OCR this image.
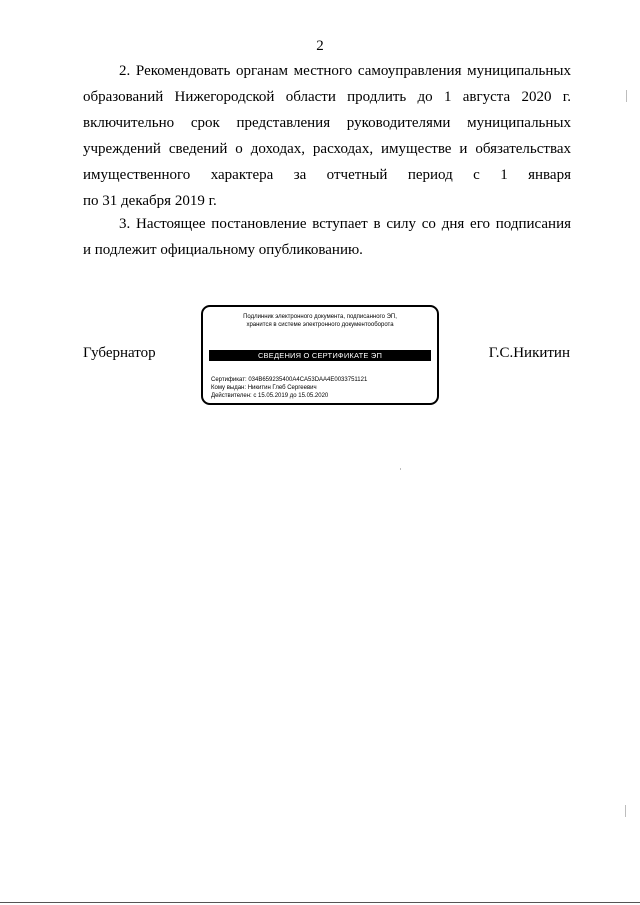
2
2. Рекомендовать органам местного самоуправления муниципальных
образований Нижегородской области продлить до 1 августа 2020 г.
включительно срок представления руководителями муниципальных
учреждений сведений о доходах, расходах, имуществе и обязательствах
имущественного характера за отчетный период с 1 января
по 31 декабря 2019 г.
3. Настоящее постановление вступает в силу со дня его подписания
и подлежит официальному опубликованию.
Губернатор
Подлинник электронного документа, подписанного ЭП,
хранится в системе электронного документооборота
СВЕДЕНИЯ О СЕРТИФИКАТЕ ЭП
Сертификат: 034B659235400A4CA53DAA4E0033751121
Кому выдан: Никитин Глеб Сергеевич
Действителен: с 15.05.2019 до 15.05.2020
Г.С.Никитин
